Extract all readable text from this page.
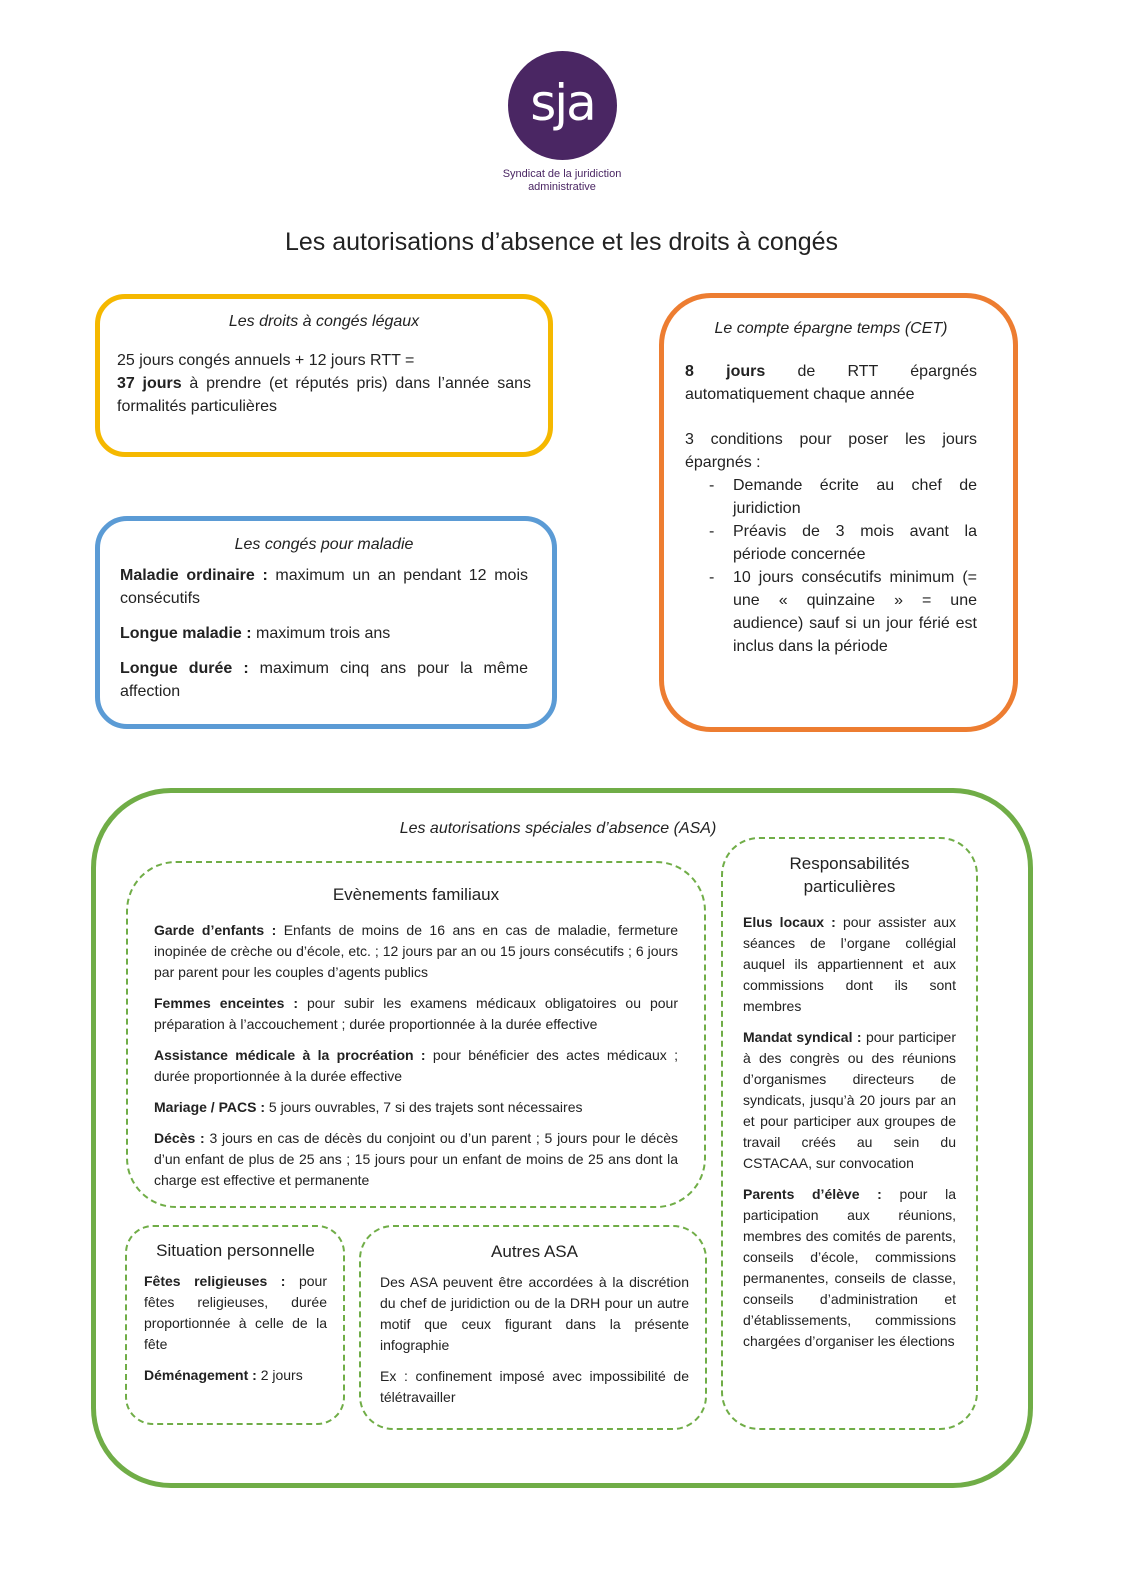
sja
Syndicat de la juridiction
administrative
Les autorisations d’absence et les droits à congés

Les droits à congés légaux

25 jours congés annuels + 12 jours RTT =

37 jours à prendre (et réputés pris) dans l’année sans formalités particulières

Les congés pour maladie

Maladie ordinaire : maximum un an pendant 12 mois consécutifs

Longue maladie : maximum trois ans

Longue durée : maximum cinq ans pour la même affection

Le compte épargne temps (CET)

8 jours de RTT épargnés automatiquement chaque année

3 conditions pour poser les jours épargnés :

- Demande écrite au chef de juridiction
- Préavis de 3 mois avant la période concernée
- 10 jours consécutifs minimum (= une « quinzaine » = une audience) sauf si un jour férié est inclus dans la période
Les autorisations spéciales d’absence (ASA)

Evènements familiaux

Garde d’enfants : Enfants de moins de 16 ans en cas de maladie, fermeture inopinée de crèche ou d’école, etc. ; 12 jours par an ou 15 jours consécutifs ; 6 jours par parent pour les couples d’agents publics

Femmes enceintes : pour subir les examens médicaux obligatoires ou pour préparation à l’accouchement ; durée proportionnée à la durée effective

Assistance médicale à la procréation : pour bénéficier des actes médicaux ; durée proportionnée à la durée effective

Mariage / PACS : 5 jours ouvrables, 7 si des trajets sont nécessaires

Décès : 3 jours en cas de décès du conjoint ou d’un parent ; 5 jours pour le décès d’un enfant de plus de 25 ans ; 15 jours pour un enfant de moins de 25 ans dont la charge est effective et permanente

Situation personnelle

Fêtes religieuses : pour fêtes religieuses, durée proportionnée à celle de la fête

Déménagement : 2 jours

Autres ASA

Des ASA peuvent être accordées à la discrétion du chef de juridiction ou de la DRH pour un autre motif que ceux figurant dans la présente infographie

Ex : confinement imposé avec impossibilité de télétravailler

Responsabilités

particulières

Elus locaux : pour assister aux séances de l’organe collégial auquel ils appartiennent et aux commissions dont ils sont membres

Mandat syndical : pour participer à des congrès ou des réunions d’organismes directeurs de syndicats, jusqu’à 20 jours par an et pour participer aux groupes de travail créés au sein du CSTACAA, sur convocation

Parents d’élève : pour la participation aux réunions, membres des comités de parents, conseils d’école, commissions permanentes, conseils de classe, conseils d’administration et d’établissements, commissions chargées d’organiser les élections
